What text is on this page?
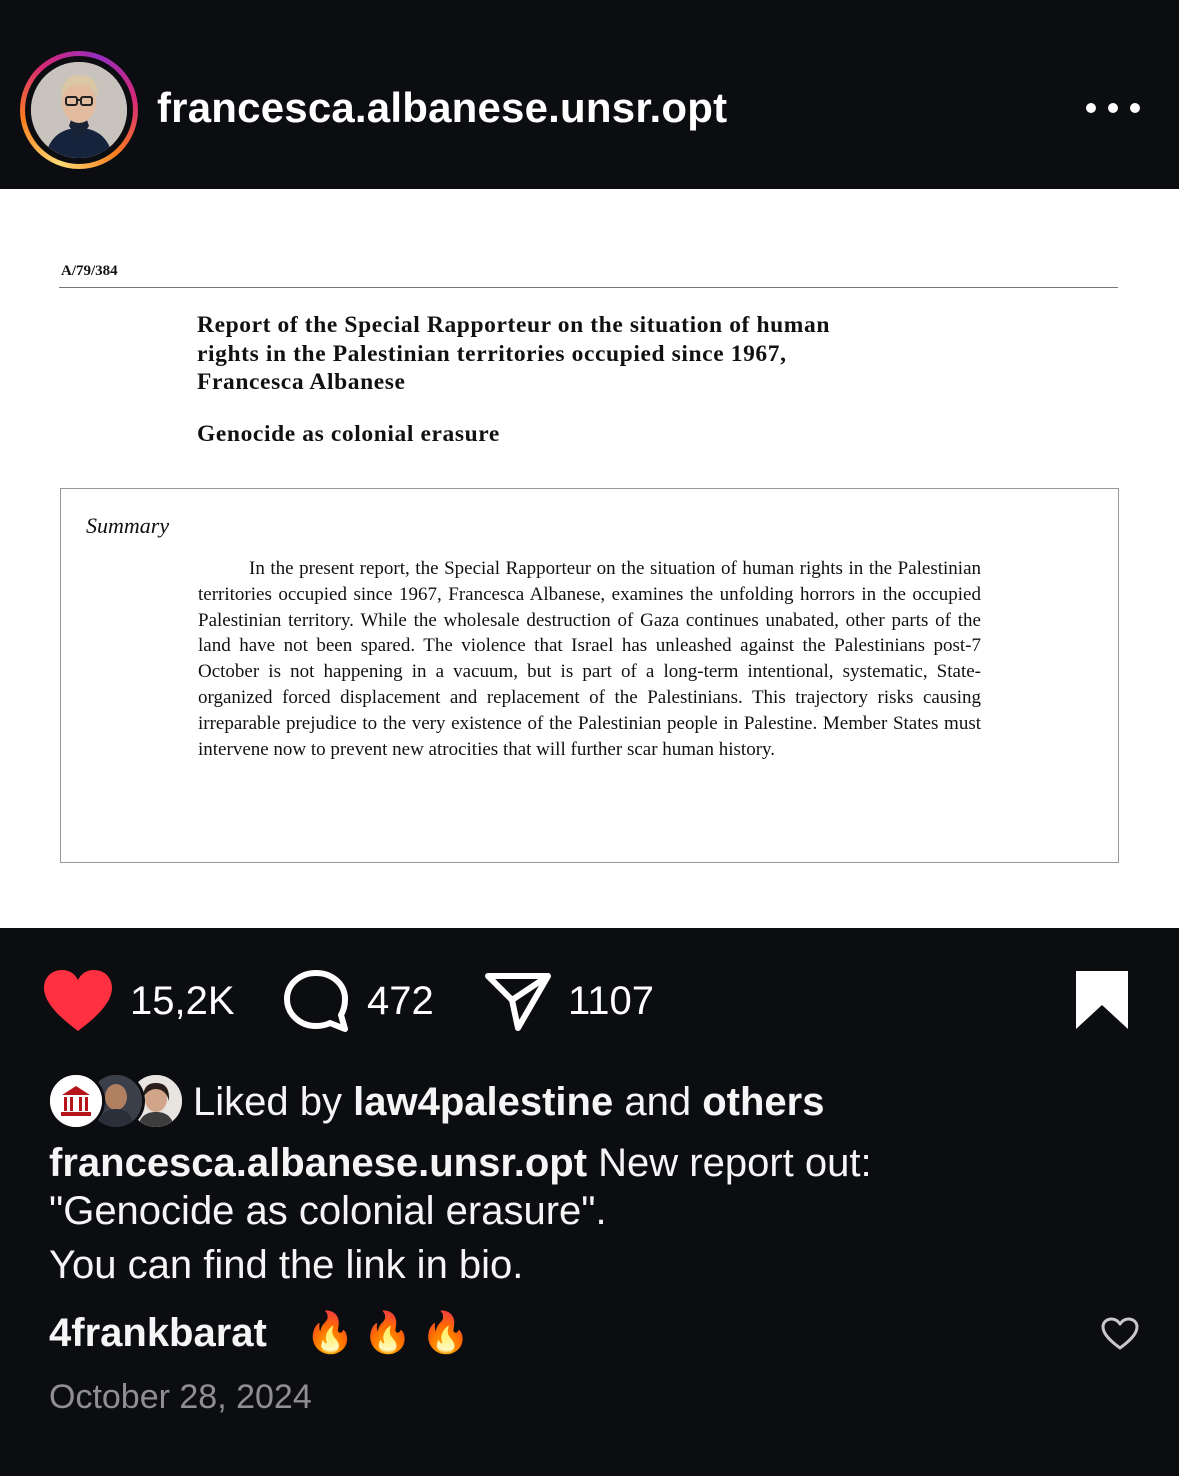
francesca.albanese.unsr.opt
A/79/384
Report of the Special Rapporteur on the situation of human
rights in the Palestinian territories occupied since 1967,
Francesca Albanese
Genocide as colonial erasure
Summary
In the present report, the Special Rapporteur on the situation of human rights in the Palestinian territories occupied since 1967, Francesca Albanese, examines the unfolding horrors in the occupied Palestinian territory. While the wholesale destruction of Gaza continues unabated, other parts of the land have not been spared. The violence that Israel has unleashed against the Palestinians post-7 October is not happening in a vacuum, but is part of a long-term intentional, systematic, State-organized forced displacement and replacement of the Palestinians. This trajectory risks causing irreparable prejudice to the very existence of the Palestinian people in Palestine. Member States must intervene now to prevent new atrocities that will further scar human history.
15,2K	472	1107
Liked by law4palestine and others
francesca.albanese.unsr.opt New report out:
"Genocide as colonial erasure".
You can find the link in bio.
4frankbarat 🔥🔥🔥
October 28, 2024
